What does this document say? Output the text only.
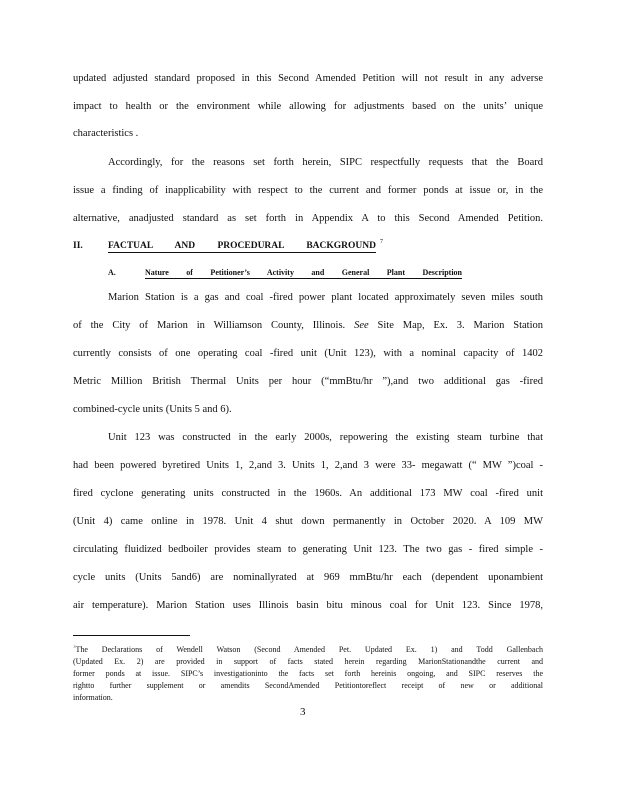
updated adjusted standard proposed in this Second Amended Petition will not result in any adverse
impact to health or the environment while allowing for adjustments based on the units’ unique
characteristics .
Accordingly, for the reasons set forth herein, SIPC respectfully requests that the Board
issue a finding of inapplicability with respect to the current and former ponds at issue or, in the
alternative, anadjusted standard as set forth in Appendix A to this Second Amended Petition.
II.	FACTUAL AND PROCEDURAL BACKGROUND 7
A.	Nature of Petitioner’s Activity and General Plant Description
Marion Station is a gas and coal -fired power plant located approximately seven miles south
of the City of Marion in Williamson County, Illinois. See Site Map, Ex. 3. Marion Station
currently consists of one operating coal -fired unit (Unit 123), with a nominal capacity of 1402
Metric Million British Thermal Units per hour (“mmBtu/hr ”),and two additional gas -fired
combined-cycle units (Units 5 and 6).
Unit 123 was constructed in the early 2000s, repowering the existing steam turbine that
had been powered byretired Units 1, 2,and 3. Units 1, 2,and 3 were 33- megawatt (“ MW ”)coal -
fired cyclone generating units constructed in the 1960s. An additional 173 MW coal -fired unit
(Unit 4) came online in 1978. Unit 4 shut down permanently in October 2020. A 109 MW
circulating fluidized bedboiler provides steam to generating Unit 123. The two gas - fired simple -
cycle units (Units 5and6) are nominallyrated at 969 mmBtu/hr each (dependent uponambient
air temperature). Marion Station uses Illinois basin bitu minous coal for Unit 123. Since 1978,
$^7$The Declarations of Wendell Watson (Second Amended Pet. Updated Ex. 1) and Todd Gallenbach
(Updated Ex. 2) are provided in support of facts stated herein regarding MarionStationandthe current and
former ponds at issue. SIPC’s investigationinto the facts set forth hereinis ongoing, and SIPC reserves the
rightto further supplement or amendits SecondAmended Petitiontoreflect receipt of new or additional
information.
3
